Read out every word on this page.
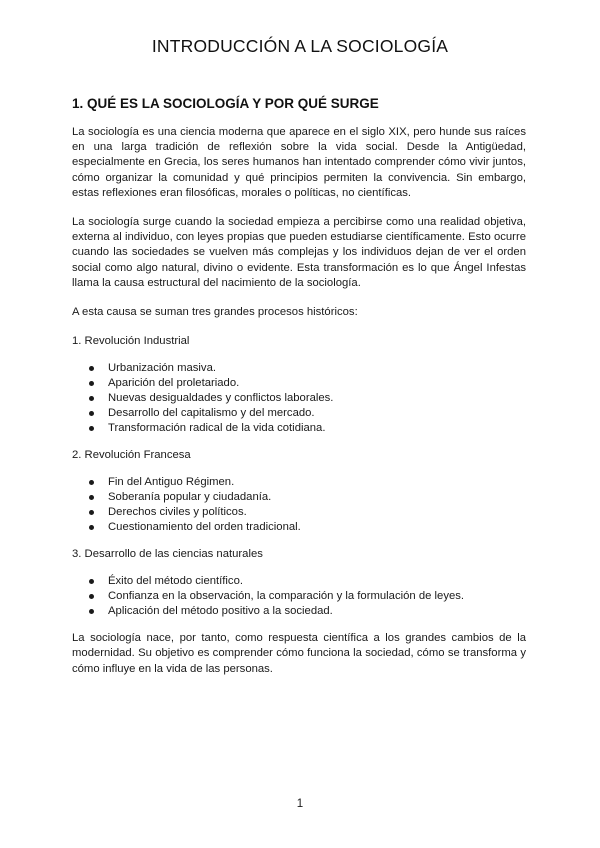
INTRODUCCIÓN A LA SOCIOLOGÍA
1. QUÉ ES LA SOCIOLOGÍA Y POR QUÉ SURGE

La sociología es una ciencia moderna que aparece en el siglo XIX, pero hunde sus raíces en una larga tradición de reflexión sobre la vida social. Desde la Antigüedad, especialmente en Grecia, los seres humanos han intentado comprender cómo vivir juntos, cómo organizar la comunidad y qué principios permiten la convivencia. Sin embargo, estas reflexiones eran filosóficas, morales o políticas, no científicas.

La sociología surge cuando la sociedad empieza a percibirse como una realidad objetiva, externa al individuo, con leyes propias que pueden estudiarse científicamente. Esto ocurre cuando las sociedades se vuelven más complejas y los individuos dejan de ver el orden social como algo natural, divino o evidente. Esta transformación es lo que Ángel Infestas llama la causa estructural del nacimiento de la sociología.

A esta causa se suman tres grandes procesos históricos:

1. Revolución Industrial
Urbanización masiva.
Aparición del proletariado.
Nuevas desigualdades y conflictos laborales.
Desarrollo del capitalismo y del mercado.
Transformación radical de la vida cotidiana.
2. Revolución Francesa
Fin del Antiguo Régimen.
Soberanía popular y ciudadanía.
Derechos civiles y políticos.
Cuestionamiento del orden tradicional.
3. Desarrollo de las ciencias naturales
Éxito del método científico.
Confianza en la observación, la comparación y la formulación de leyes.
Aplicación del método positivo a la sociedad.

La sociología nace, por tanto, como respuesta científica a los grandes cambios de la modernidad. Su objetivo es comprender cómo funciona la sociedad, cómo se transforma y cómo influye en la vida de las personas.

1
